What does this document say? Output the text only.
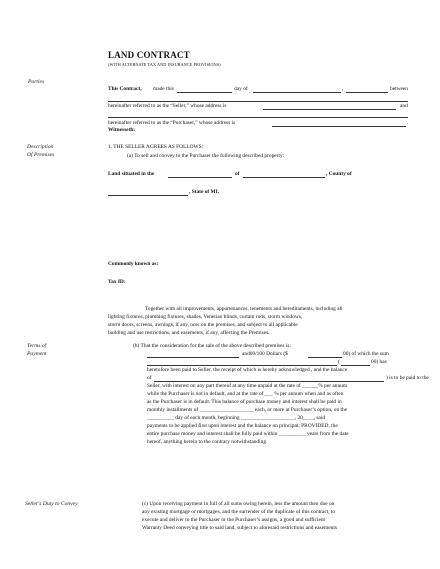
LAND CONTRACT
(WITH ALTERNATE TAX AND INSURANCE PROVISIONS)
Parties
Description
Of Premises
Terms of
Payment
Seller's Duty to Convey
This Contract, made this	day of	,	between
hereinafter referred to as the “Seller,” whose address is	and
hereinafter referred to as the “Purchaser,” whose address is	.
Witnesseth:
1. THE SELLER AGREES AS FOLLOWS:
(a) To sell and convey to the Purchaser the following described property:
Land situated in the	of	, County of
, State of MI.
Commonly known as:
Tax ID:
Together with all improvements, appurtenances, tenements and hereditaments, including all
lighting fixtures, plumbing fixtures, shades, Venetian blinds, curtain rods, storm windows,
storm doors, screens, awnings, if any, now on the premises, and subject to all applicable
building and use restrictions, and easements, if any, affecting the Premises.
(b) That the consideration for the sale of the above described premises is:
and00/100 Dollars ($	00) of which the sum
(	00) has
heretofore been paid to Seller, the receipt of which is hereby acknowledged , and the balance
of	) is to be paid to the
Seller, with interest on any part thereof at any time unpaid at the rate of ______% per annum
while the Purchaser is not in default, and at the rate of ___ % per annum when and as often
as the Purchaser is in default. This balance of purchase money and interest shall be paid in
monthly installments of ____________________ each, or more at Purchaser’s option, on the
__________ day of each month, beginning ____________________, 20____, said
payments to be applied first upon interest and the balance on principal; PROVIDED, the
entire purchase money and interest shall be fully paid within __________ years from the date
hereof, anything herein to the contrary notwithstanding.
(c) Upon receiving payment in full of all sums owing herein, less the amount then due on
any existing mortgage or mortgages, and the surrender of the duplicate of this contract, to
execute and deliver to the Purchaser or the Purchaser’s assigns, a good and sufficient
Warranty Deed conveying title to said land, subject to aforesaid restrictions and easements
